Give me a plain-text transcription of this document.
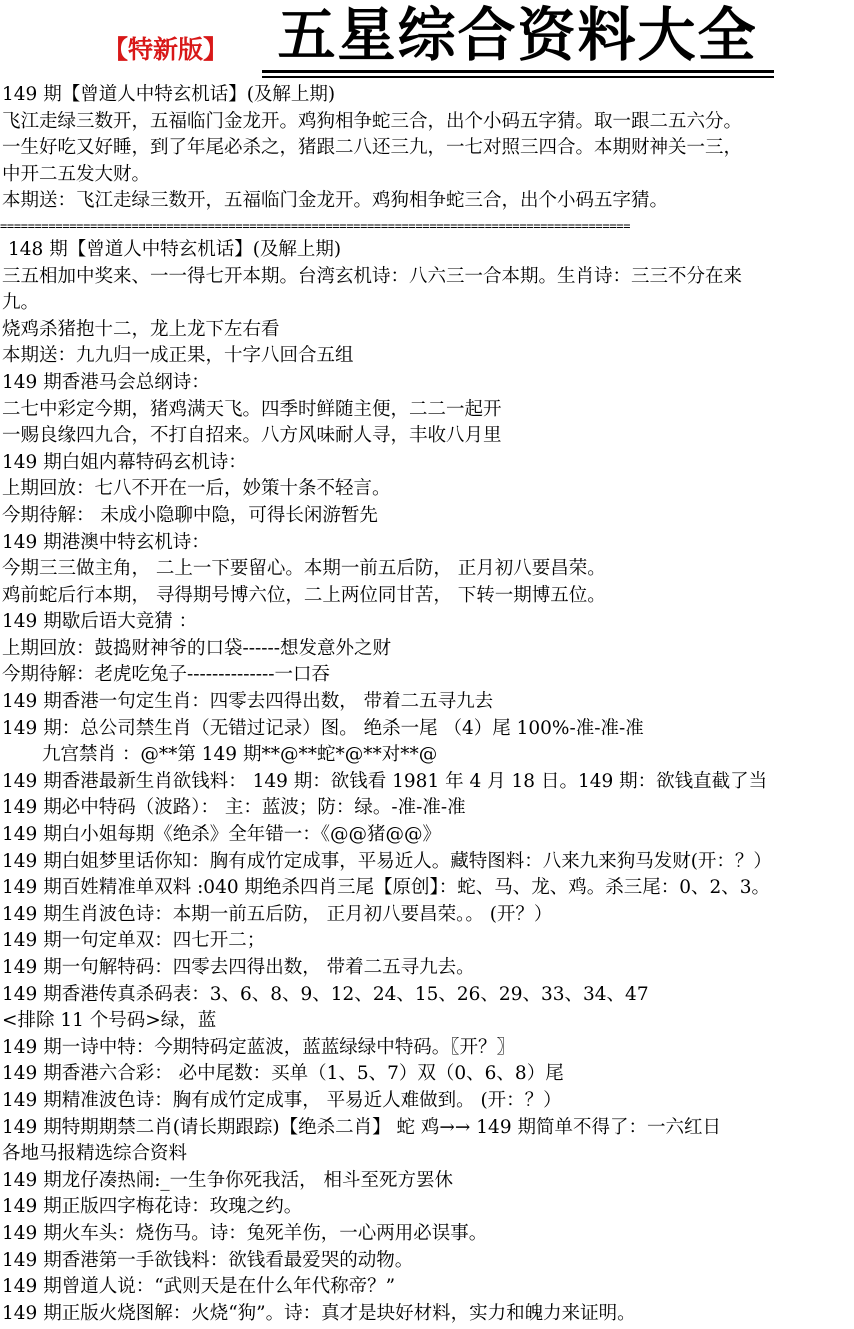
【特新版】 五星综合资料大全
149 期【曾道人中特玄机话】(及解上期)
飞江走绿三数开，五福临门金龙开。鸡狗相争蛇三合，出个小码五字猜。取一跟二五六分。
一生好吃又好睡，到了年尾必杀之，猪跟二八还三九，一七对照三四合。本期财神关一三，
中开二五发大财。
本期送：飞江走绿三数开，五福临门金龙开。鸡狗相争蛇三合，出个小码五字猜。
===========================================================================================
148 期【曾道人中特玄机话】(及解上期)
三五相加中奖来、一一得七开本期。台湾玄机诗：八六三一合本期。生肖诗：三三不分在来
九。
烧鸡杀猪抱十二，龙上龙下左右看
本期送：九九归一成正果，十字八回合五组
149 期香港马会总纲诗：
二七中彩定今期，猪鸡满天飞。四季时鲜随主便，二二一起开
一赐良缘四九合，不打自招来。八方风味耐人寻，丰收八月里
149 期白姐内幕特码玄机诗：
上期回放：七八不开在一后，妙策十条不轻言。
今期待解： 未成小隐聊中隐，可得长闲游暂先
149 期港澳中特玄机诗：
今期三三做主角， 二上一下要留心。本期一前五后防， 正月初八要昌荣。
鸡前蛇后行本期， 寻得期号博六位，二上两位同甘苦， 下转一期博五位。
149 期歇后语大竞猜 ：
上期回放：鼓捣财神爷的口袋------想发意外之财
今期待解：老虎吃兔子--------------一口吞
149 期香港一句定生肖：四零去四得出数， 带着二五寻九去
149 期：总公司禁生肖（无错过记录）图。 绝杀一尾 （4）尾 100%-准-准-准
九宫禁肖 ：@**第 149 期**@**蛇*@**对**@
149 期香港最新生肖欲钱料： 149 期：欲钱看 1981 年 4 月 18 日。149 期：欲钱直截了当
149 期必中特码（波路）： 主：蓝波；防：绿。-准-准-准
149 期白小姐每期《绝杀》全年错一：《@@猪@@》
149 期白姐梦里话你知：胸有成竹定成事，平易近人。藏特图料：八来九来狗马发财(开：？）
149 期百姓精准单双料 :040 期绝杀四肖三尾【原创】：蛇、马、龙、鸡。杀三尾：0、2、3。
149 期生肖波色诗：本期一前五后防， 正月初八要昌荣。。 (开？）
149 期一句定单双：四七开二；
149 期一句解特码：四零去四得出数， 带着二五寻九去。
149 期香港传真杀码表：3、6、8、9、12、24、15、26、29、33、34、47
<排除 11 个号码>绿，蓝
149 期一诗中特：今期特码定蓝波，蓝蓝绿绿中特码。〖开？〗
149 期香港六合彩： 必中尾数：买单（1、5、7）双（0、6、8）尾
149 期精准波色诗：胸有成竹定成事， 平易近人难做到。 (开：？）
149 期特期期禁二肖(请长期跟踪)【绝杀二肖】 蛇 鸡→→ 149 期简单不得了：一六红日
各地马报精选综合资料
149 期龙仔凑热闹:_一生争你死我活， 相斗至死方罢休
149 期正版四字梅花诗：玫瑰之约。
149 期火车头：烧伤马。诗：兔死羊伤，一心两用必误事。
149 期香港第一手欲钱料：欲钱看最爱哭的动物。
149 期曾道人说：“武则天是在什么年代称帝？”
149 期正版火烧图解：火烧“狗”。诗：真才是块好材料，实力和魄力来证明。
